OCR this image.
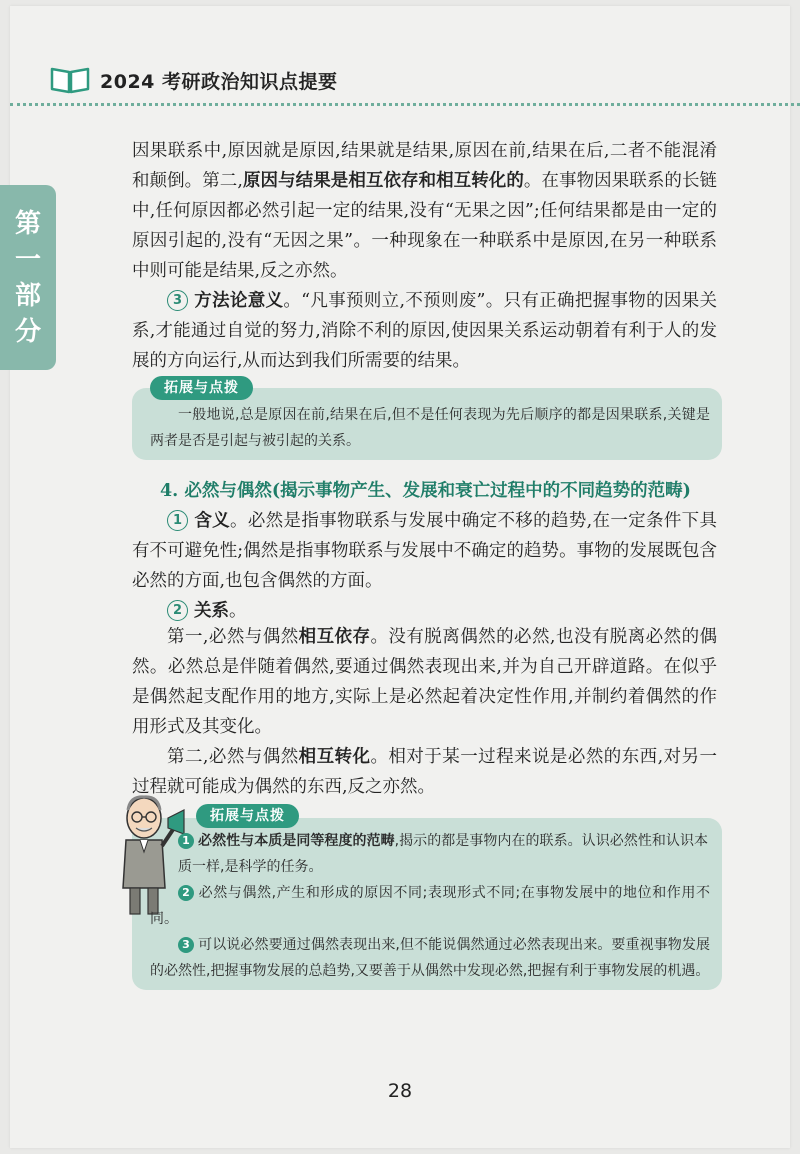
2024 考研政治知识点提要
第
一
部
分
因果联系中,原因就是原因,结果就是结果,原因在前,结果在后,二者不能混淆和颠倒。第二,原因与结果是相互依存和相互转化的。在事物因果联系的长链中,任何原因都必然引起一定的结果,没有“无果之因”;任何结果都是由一定的原因引起的,没有“无因之果”。一种现象在一种联系中是原因,在另一种联系中则可能是结果,反之亦然。
3 方法论意义。“凡事预则立,不预则废”。只有正确把握事物的因果关系,才能通过自觉的努力,消除不利的原因,使因果关系运动朝着有利于人的发展的方向运行,从而达到我们所需要的结果。
拓展与点拨
一般地说,总是原因在前,结果在后,但不是任何表现为先后顺序的都是因果联系,关键是两者是否是引起与被引起的关系。
4. 必然与偶然(揭示事物产生、发展和衰亡过程中的不同趋势的范畴)
1 含义。必然是指事物联系与发展中确定不移的趋势,在一定条件下具有不可避免性;偶然是指事物联系与发展中不确定的趋势。事物的发展既包含必然的方面,也包含偶然的方面。
2 关系。
第一,必然与偶然相互依存。没有脱离偶然的必然,也没有脱离必然的偶然。必然总是伴随着偶然,要通过偶然表现出来,并为自己开辟道路。在似乎是偶然起支配作用的地方,实际上是必然起着决定性作用,并制约着偶然的作用形式及其变化。
第二,必然与偶然相互转化。相对于某一过程来说是必然的东西,对另一过程就可能成为偶然的东西,反之亦然。
拓展与点拨
1 必然性与本质是同等程度的范畴,揭示的都是事物内在的联系。认识必然性和认识本质一样,是科学的任务。
2 必然与偶然,产生和形成的原因不同;表现形式不同;在事物发展中的地位和作用不同。
3 可以说必然要通过偶然表现出来,但不能说偶然通过必然表现出来。要重视事物发展的必然性,把握事物发展的总趋势,又要善于从偶然中发现必然,把握有利于事物发展的机遇。
28
